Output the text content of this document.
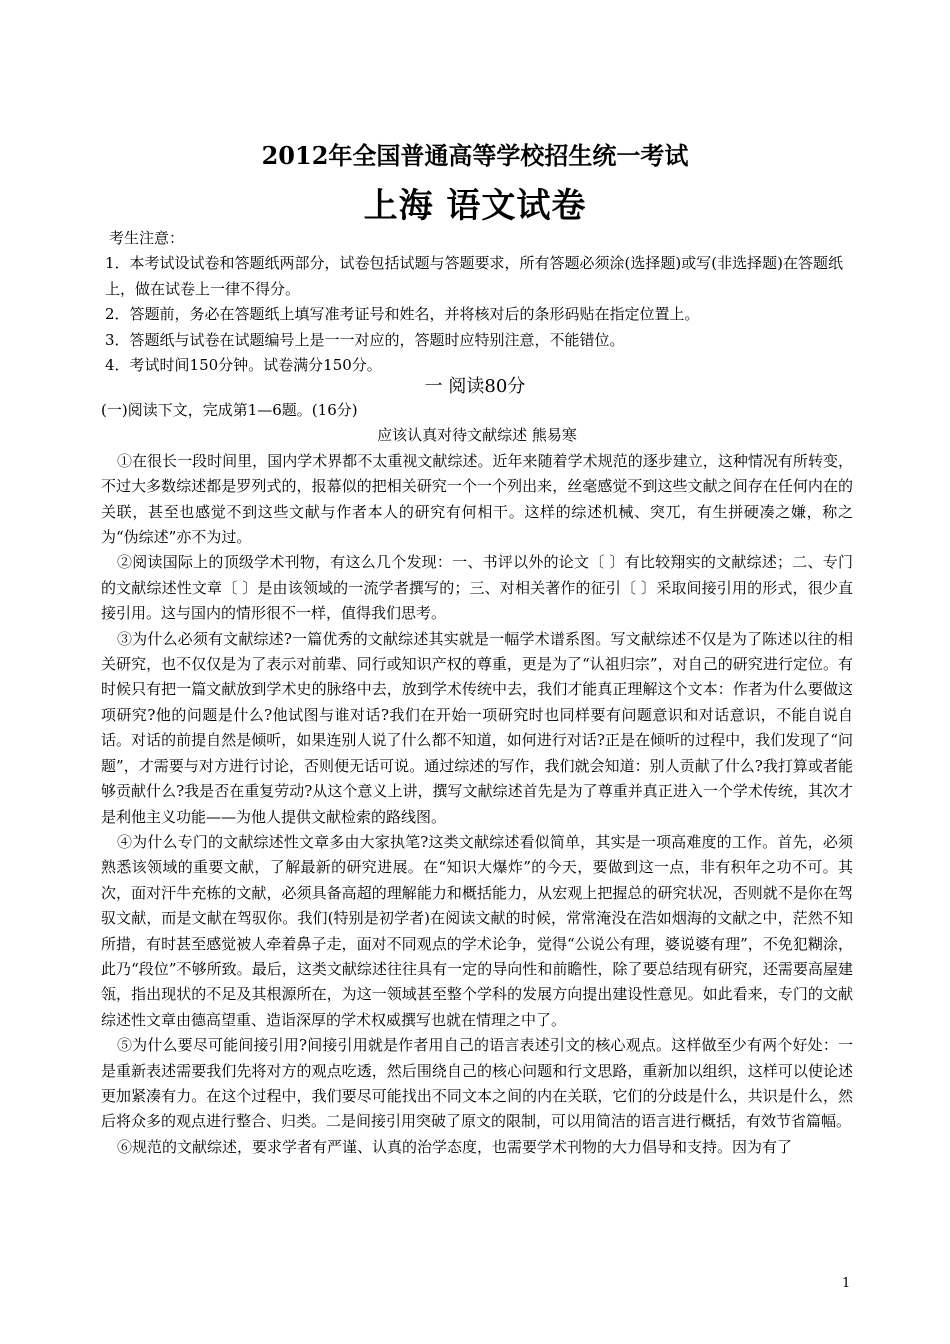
2012年全国普通高等学校招生统一考试
上海 语文试卷

考生注意：

1．本考试设试卷和答题纸两部分，试卷包括试题与答题要求，所有答题必须涂(选择题)或写(非选择题)在答题纸上，做在试卷上一律不得分。

2．答题前，务必在答题纸上填写准考证号和姓名，并将核对后的条形码贴在指定位置上。

3．答题纸与试卷在试题编号上是一一对应的，答题时应特别注意，不能错位。

4．考试时间150分钟。试卷满分150分。

一 阅读80分

(一)阅读下文，完成第1—6题。(16分)

应该认真对待文献综述 熊易寒

①在很长一段时间里，国内学术界都不太重视文献综述。近年来随着学术规范的逐步建立，这种情况有所转变，不过大多数综述都是罗列式的，报幕似的把相关研究一个一个列出来，丝毫感觉不到这些文献之间存在任何内在的关联，甚至也感觉不到这些文献与作者本人的研究有何相干。这样的综述机械、突兀，有生拼硬凑之嫌，称之为“伪综述”亦不为过。

②阅读国际上的顶级学术刊物，有这么几个发现：一、书评以外的论文〔 〕有比较翔实的文献综述；二、专门的文献综述性文章〔 〕是由该领域的一流学者撰写的；三、对相关著作的征引〔 〕采取间接引用的形式，很少直接引用。这与国内的情形很不一样，值得我们思考。

③为什么必须有文献综述?一篇优秀的文献综述其实就是一幅学术谱系图。写文献综述不仅是为了陈述以往的相关研究，也不仅仅是为了表示对前辈、同行或知识产权的尊重，更是为了“认祖归宗”，对自己的研究进行定位。有时候只有把一篇文献放到学术史的脉络中去，放到学术传统中去，我们才能真正理解这个文本：作者为什么要做这项研究?他的问题是什么?他试图与谁对话?我们在开始一项研究时也同样要有问题意识和对话意识，不能自说自话。对话的前提自然是倾听，如果连别人说了什么都不知道，如何进行对话?正是在倾听的过程中，我们发现了“问题”，才需要与对方进行讨论，否则便无话可说。通过综述的写作，我们就会知道：别人贡献了什么?我打算或者能够贡献什么?我是否在重复劳动?从这个意义上讲，撰写文献综述首先是为了尊重并真正进入一个学术传统，其次才是利他主义功能——为他人提供文献检索的路线图。

④为什么专门的文献综述性文章多由大家执笔?这类文献综述看似简单，其实是一项高难度的工作。首先，必须熟悉该领域的重要文献，了解最新的研究进展。在“知识大爆炸”的今天，要做到这一点，非有积年之功不可。其次，面对汗牛充栋的文献，必须具备高超的理解能力和概括能力，从宏观上把握总的研究状况，否则就不是你在驾驭文献，而是文献在驾驭你。我们(特别是初学者)在阅读文献的时候，常常淹没在浩如烟海的文献之中，茫然不知所措，有时甚至感觉被人牵着鼻子走，面对不同观点的学术论争，觉得“公说公有理，婆说婆有理”，不免犯糊涂，此乃“段位”不够所致。最后，这类文献综述往往具有一定的导向性和前瞻性，除了要总结现有研究，还需要高屋建瓴，指出现状的不足及其根源所在，为这一领域甚至整个学科的发展方向提出建设性意见。如此看来，专门的文献综述性文章由德高望重、造诣深厚的学术权威撰写也就在情理之中了。

⑤为什么要尽可能间接引用?间接引用就是作者用自己的语言表述引文的核心观点。这样做至少有两个好处：一是重新表述需要我们先将对方的观点吃透，然后围绕自己的核心问题和行文思路，重新加以组织，这样可以使论述更加紧凑有力。在这个过程中，我们要尽可能找出不同文本之间的内在关联，它们的分歧是什么，共识是什么，然后将众多的观点进行整合、归类。二是间接引用突破了原文的限制，可以用简洁的语言进行概括，有效节省篇幅。

⑥规范的文献综述，要求学者有严谨、认真的治学态度，也需要学术刊物的大力倡导和支持。因为有了

1
